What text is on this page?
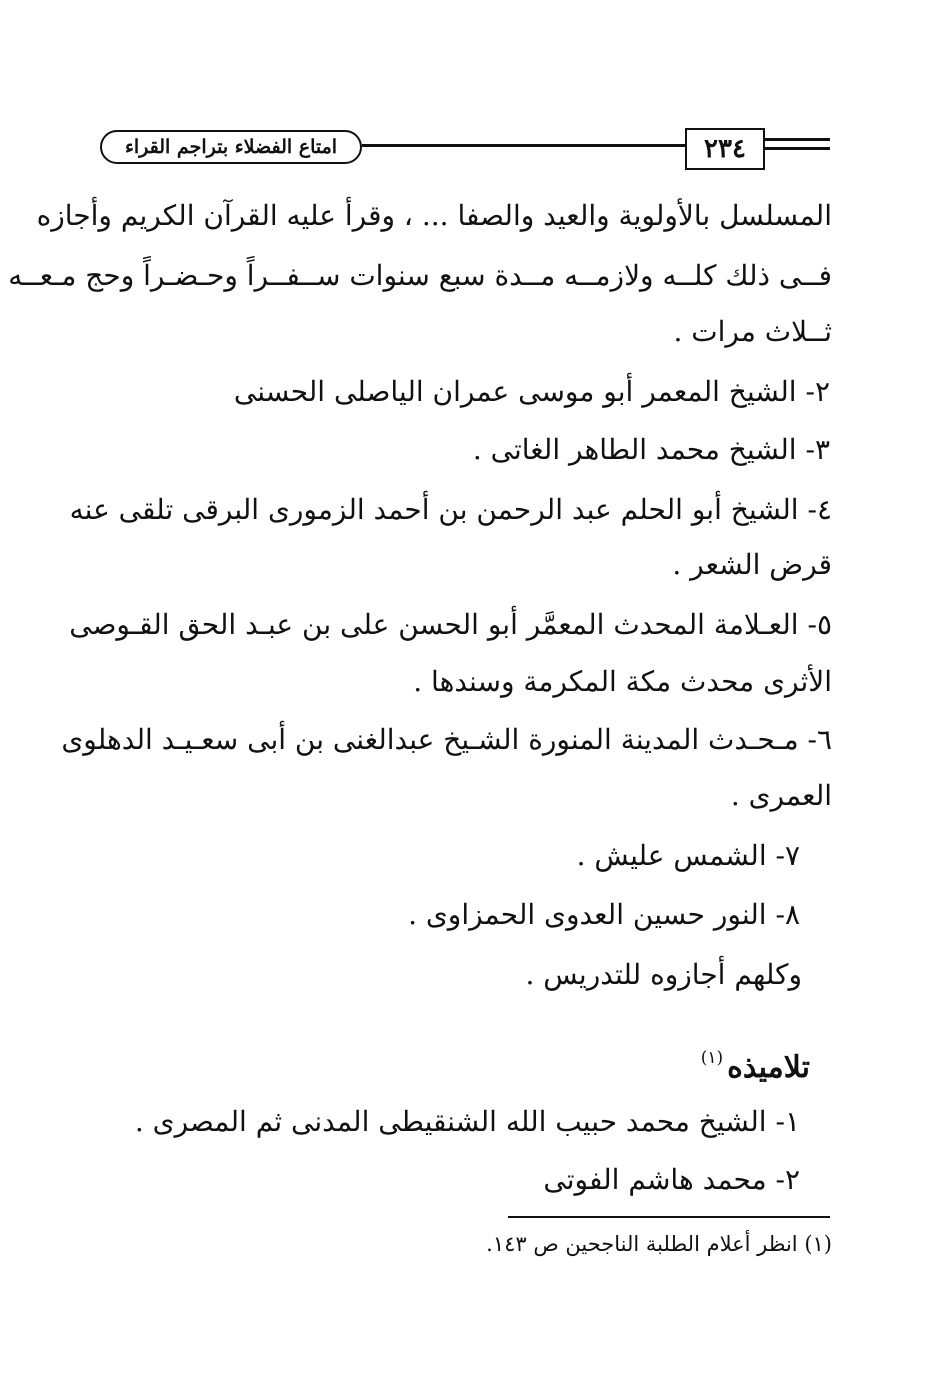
امتاع الفضلاء بتراجم القراء	٢٣٤
المسلسل بالأولوية والعيد والصفا ... ، وقرأ عليه القرآن الكريم وأجازه
فــى ذلك كلــه ولازمــه مــدة سبع سنوات ســفــراً وحـضـراً وحج مـعــه
ثــلاث مرات .
٢- الشيخ المعمر أبو موسى عمران الياصلى الحسنى
٣- الشيخ محمد الطاهر الغاتى .
٤- الشيخ أبو الحلم عبد الرحمن بن أحمد الزمورى البرقى تلقى عنه
قرض الشعر .
٥- العـلامة المحدث المعمَّر أبو الحسن على بن عبـد الحق القـوصى
الأثرى محدث مكة المكرمة وسندها .
٦- مـحـدث المدينة المنورة الشـيخ عبدالغنى بن أبى سعـيـد الدهلوى
العمرى .
٧- الشمس عليش .
٨- النور حسين العدوى الحمزاوى .
وكلهم أجازوه للتدريس .
تلاميذه$^{(١)}$
١- الشيخ محمد حبيب الله الشنقيطى المدنى ثم المصرى .
٢- محمد هاشم الفوتى
(١) انظر أعلام الطلبة الناجحين ص ١٤٣.
